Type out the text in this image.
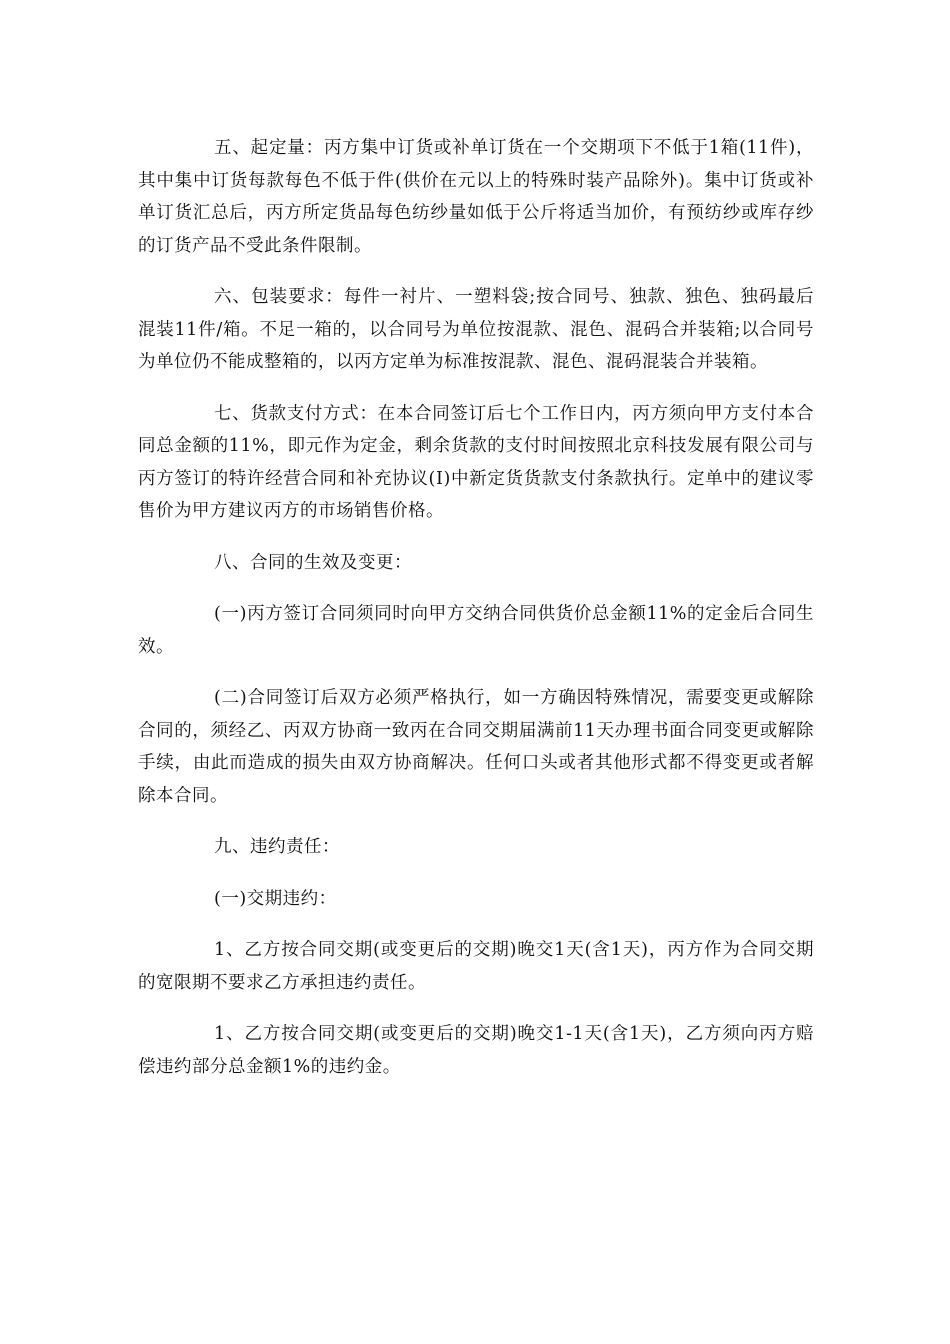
五、起定量：丙方集中订货或补单订货在一个交期项下不低于1箱(11件)，其中集中订货每款每色不低于件(供价在元以上的特殊时装产品除外)。集中订货或补单订货汇总后，丙方所定货品每色纺纱量如低于公斤将适当加价，有预纺纱或库存纱的订货产品不受此条件限制。

六、包装要求：每件一衬片、一塑料袋;按合同号、独款、独色、独码最后混装11件/箱。不足一箱的，以合同号为单位按混款、混色、混码合并装箱;以合同号为单位仍不能成整箱的，以丙方定单为标准按混款、混色、混码混装合并装箱。

七、货款支付方式：在本合同签订后七个工作日内，丙方须向甲方支付本合同总金额的11%，即元作为定金，剩余货款的支付时间按照北京科技发展有限公司与丙方签订的特许经营合同和补充协议(Ⅰ)中新定货货款支付条款执行。定单中的建议零售价为甲方建议丙方的市场销售价格。

八、合同的生效及变更：

(一)丙方签订合同须同时向甲方交纳合同供货价总金额11%的定金后合同生效。

(二)合同签订后双方必须严格执行，如一方确因特殊情况，需要变更或解除合同的，须经乙、丙双方协商一致丙在合同交期届满前11天办理书面合同变更或解除手续，由此而造成的损失由双方协商解决。任何口头或者其他形式都不得变更或者解除本合同。

九、违约责任：

(一)交期违约：

1、乙方按合同交期(或变更后的交期)晚交1天(含1天)，丙方作为合同交期的宽限期不要求乙方承担违约责任。

1、乙方按合同交期(或变更后的交期)晚交1-1天(含1天)，乙方须向丙方赔偿违约部分总金额1%的违约金。
